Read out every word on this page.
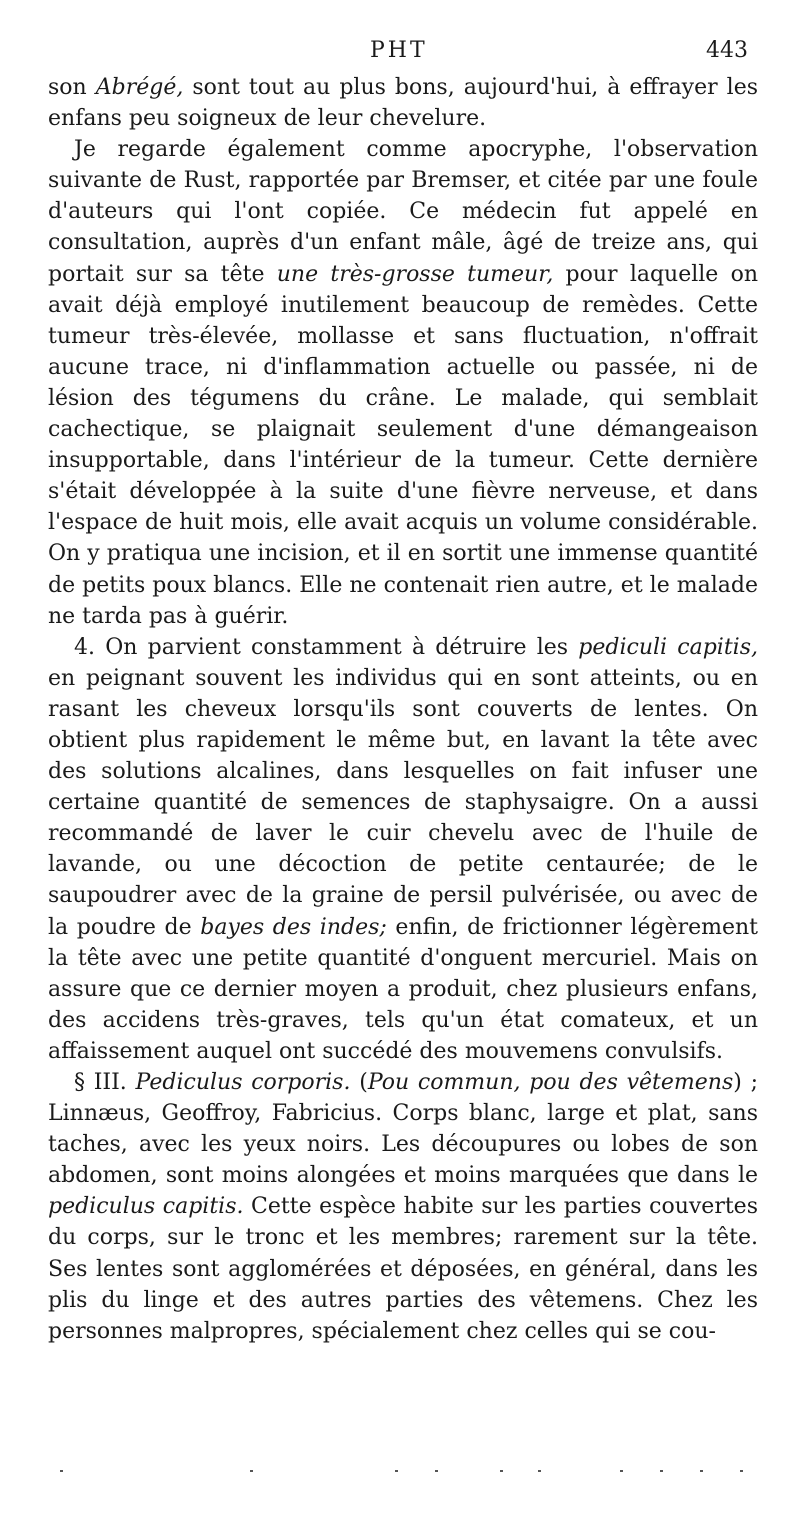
PHT	443

son Abrégé, sont tout au plus bons, aujourd'hui, à effrayer les enfans peu soigneux de leur chevelure.

Je regarde également comme apocryphe, l'observation suivante de Rust, rapportée par Bremser, et citée par une foule d'auteurs qui l'ont copiée. Ce médecin fut appelé en consultation, auprès d'un enfant mâle, âgé de treize ans, qui portait sur sa tête une très-grosse tumeur, pour laquelle on avait déjà employé inutilement beaucoup de remèdes. Cette tumeur très-élevée, mollasse et sans fluctuation, n'offrait aucune trace, ni d'inflammation actuelle ou passée, ni de lésion des tégumens du crâne. Le malade, qui semblait cachectique, se plaignait seulement d'une démangeaison insupportable, dans l'intérieur de la tumeur. Cette dernière s'était développée à la suite d'une fièvre nerveuse, et dans l'espace de huit mois, elle avait acquis un volume considérable. On y pratiqua une incision, et il en sortit une immense quantité de petits poux blancs. Elle ne contenait rien autre, et le malade ne tarda pas à guérir.

4. On parvient constamment à détruire les pediculi capitis, en peignant souvent les individus qui en sont atteints, ou en rasant les cheveux lorsqu'ils sont couverts de lentes. On obtient plus rapidement le même but, en lavant la tête avec des solutions alcalines, dans lesquelles on fait infuser une certaine quantité de semences de staphysaigre. On a aussi recommandé de laver le cuir chevelu avec de l'huile de lavande, ou une décoction de petite centaurée; de le saupoudrer avec de la graine de persil pulvérisée, ou avec de la poudre de bayes des indes; enfin, de frictionner légèrement la tête avec une petite quantité d'onguent mercuriel. Mais on assure que ce dernier moyen a produit, chez plusieurs enfans, des accidens très-graves, tels qu'un état comateux, et un affaissement auquel ont succédé des mouvemens convulsifs.

§ III. Pediculus corporis. (Pou commun, pou des vêtemens) ; Linnæus, Geoffroy, Fabricius. Corps blanc, large et plat, sans taches, avec les yeux noirs. Les découpures ou lobes de son abdomen, sont moins alongées et moins marquées que dans le pediculus capitis. Cette espèce habite sur les parties couvertes du corps, sur le tronc et les membres; rarement sur la tête. Ses lentes sont agglomérées et déposées, en général, dans les plis du linge et des autres parties des vêtemens. Chez les personnes malpropres, spécialement chez celles qui se cou-
